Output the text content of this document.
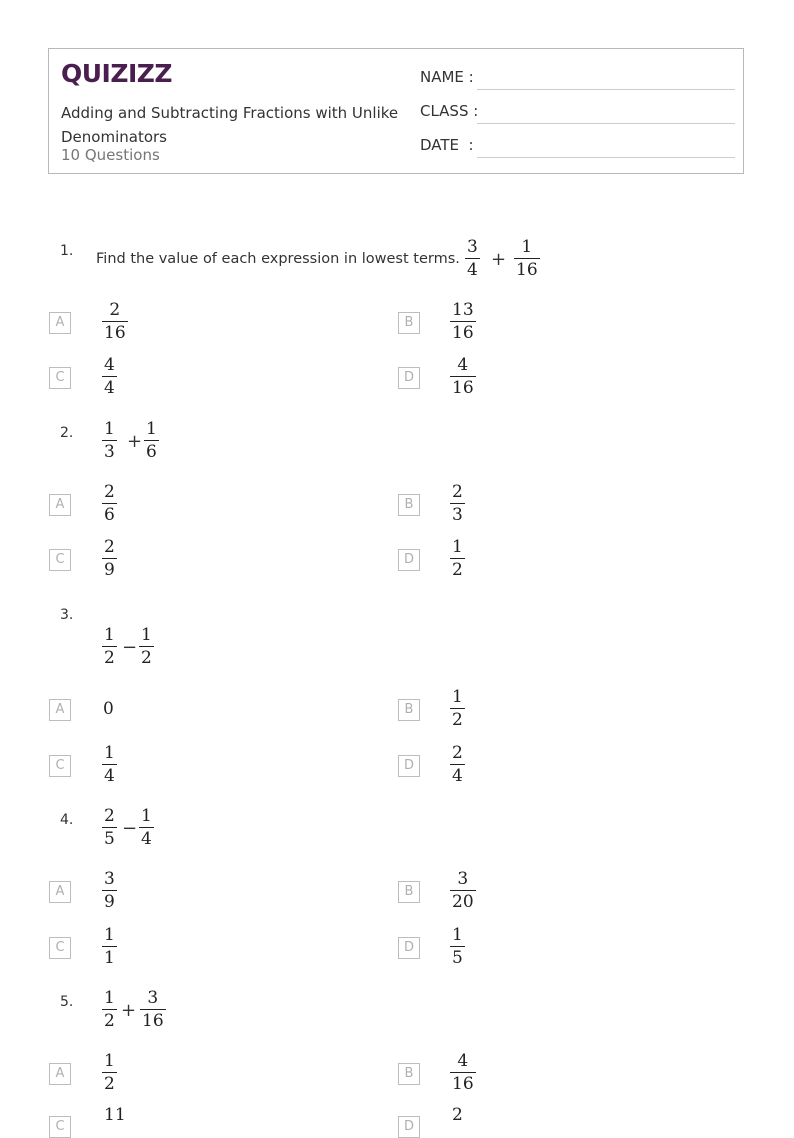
QUIZIZZ
Adding and Subtracting Fractions with Unlike Denominators
10 Questions
NAME :
CLASS :
DATE  :
1. Find the value of each expression in lowest terms.
3
4 +
1
16
A
2
16
B
13
16
C
4
4
D
4
16
2. 1
3 +
1
6
A
2
6
B
2
3
C
2
9
D
1
2
3.
1
2 −
1
2
A	0	B
1
2
C
1
4
D
2
4
4. 2
5 −
1
4
A
3
9
B
3
20
C
1
1
D
1
5
5. 1
2 +
3
16
A
1
2
B
4
16
C
11
D
2
